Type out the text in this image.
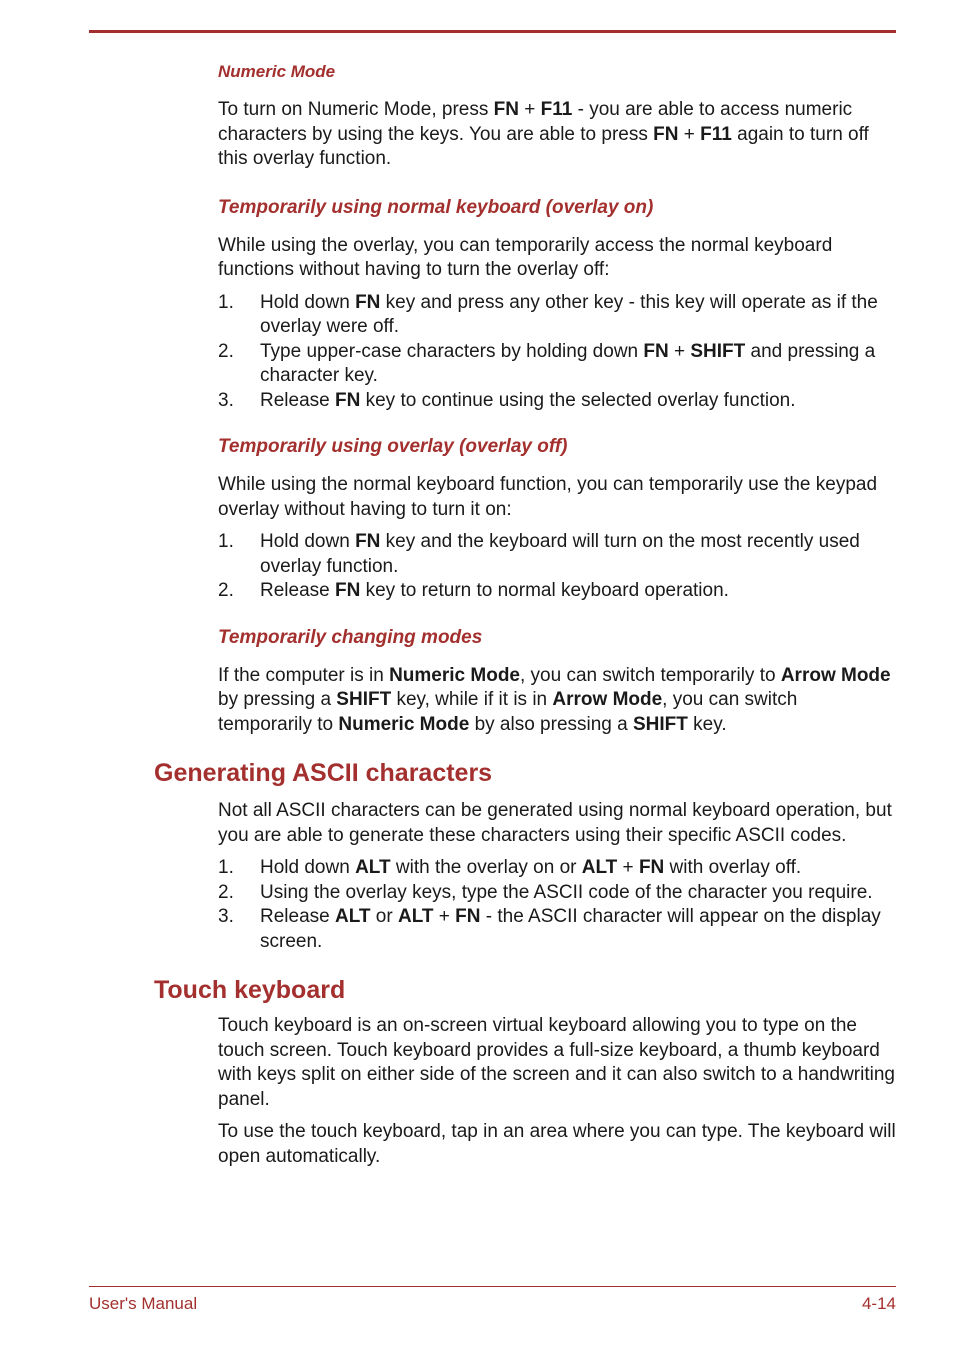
Numeric Mode

To turn on Numeric Mode, press FN + F11 - you are able to access numeric characters by using the keys. You are able to press FN + F11 again to turn off this overlay function.

Temporarily using normal keyboard (overlay on)

While using the overlay, you can temporarily access the normal keyboard functions without having to turn the overlay off:

1. Hold down FN key and press any other key - this key will operate as if the overlay were off.
2. Type upper-case characters by holding down FN + SHIFT and pressing a character key.
3. Release FN key to continue using the selected overlay function.
Temporarily using overlay (overlay off)

While using the normal keyboard function, you can temporarily use the keypad overlay without having to turn it on:

1. Hold down FN key and the keyboard will turn on the most recently used overlay function.
2. Release FN key to return to normal keyboard operation.
Temporarily changing modes

If the computer is in Numeric Mode, you can switch temporarily to Arrow Mode by pressing a SHIFT key, while if it is in Arrow Mode, you can switch temporarily to Numeric Mode by also pressing a SHIFT key.

Generating ASCII characters

Not all ASCII characters can be generated using normal keyboard operation, but you are able to generate these characters using their specific ASCII codes.

1. Hold down ALT with the overlay on or ALT + FN with overlay off.
2. Using the overlay keys, type the ASCII code of the character you require.
3. Release ALT or ALT + FN - the ASCII character will appear on the display screen.
Touch keyboard

Touch keyboard is an on-screen virtual keyboard allowing you to type on the touch screen. Touch keyboard provides a full-size keyboard, a thumb keyboard with keys split on either side of the screen and it can also switch to a handwriting panel.

To use the touch keyboard, tap in an area where you can type. The keyboard will open automatically.

User's Manual	4-14
